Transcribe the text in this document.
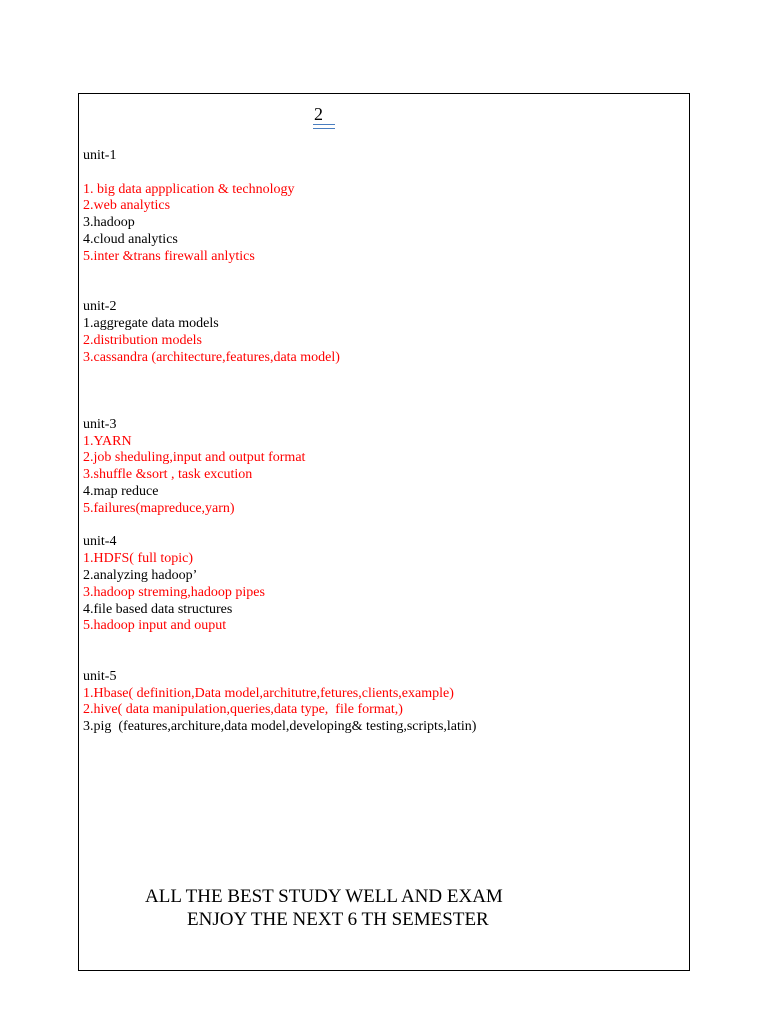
2
unit-1
1. big data appplication & technology
2.web analytics
3.hadoop
4.cloud analytics
5.inter &trans firewall anlytics
unit-2
1.aggregate data models
2.distribution models
3.cassandra (architecture,features,data model)
unit-3
1.YARN
2.job sheduling,input and output format
3.shuffle &sort , task excution
4.map reduce
5.failures(mapreduce,yarn)
unit-4
1.HDFS( full topic)
2.analyzing hadoop’
3.hadoop streming,hadoop pipes
4.file based data structures
5.hadoop input and ouput
unit-5
1.Hbase( definition,Data model,architutre,fetures,clients,example)
2.hive( data manipulation,queries,data type,  file format,)
3.pig  (features,architure,data model,developing& testing,scripts,latin)
ALL THE BEST STUDY WELL AND EXAM
ENJOY THE NEXT 6 TH SEMESTER
